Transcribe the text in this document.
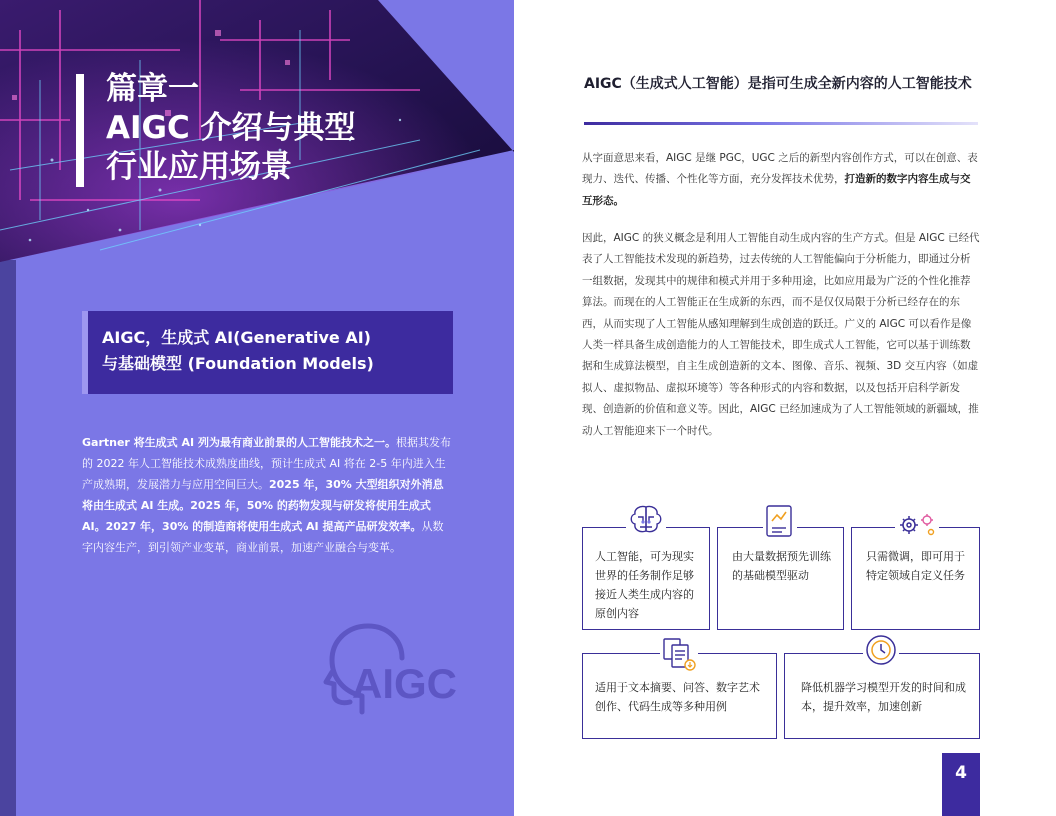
篇章一
AIGC 介绍与典型
行业应用场景
AIGC，生成式 AI(Generative AI)
与基础模型 (Foundation Models)

Gartner 将生成式 AI 列为最有商业前景的人工智能技术之一。根据其发布的 2022 年人工智能技术成熟度曲线，预计生成式 AI 将在 2-5 年内进入生产成熟期，发展潜力与应用空间巨大。2025 年，30% 大型组织对外消息将由生成式 AI 生成。2025 年，50% 的药物发现与研发将使用生成式 AI。2027 年，30% 的制造商将使用生成式 AI 提高产品研发效率。从数字内容生产，到引领产业变革，商业前景，加速产业融合与变革。

AIGC
AIGC（生成式人工智能）是指可生成全新内容的人工智能技术

从字面意思来看，AIGC 是继 PGC，UGC 之后的新型内容创作方式，可以在创意、表现力、迭代、传播、个性化等方面，充分发挥技术优势，打造新的数字内容生成与交互形态。

因此，AIGC 的狭义概念是利用人工智能自动生成内容的生产方式。但是 AIGC 已经代表了人工智能技术发现的新趋势，过去传统的人工智能偏向于分析能力，即通过分析一组数据，发现其中的规律和模式并用于多种用途，比如应用最为广泛的个性化推荐算法。而现在的人工智能正在生成新的东西，而不是仅仅局限于分析已经存在的东西，从而实现了人工智能从感知理解到生成创造的跃迁。广义的 AIGC 可以看作是像人类一样具备生成创造能力的人工智能技术，即生成式人工智能，它可以基于训练数据和生成算法模型，自主生成创造新的文本、图像、音乐、视频、3D 交互内容（如虚拟人、虚拟物品、虚拟环境等）等各种形式的内容和数据，以及包括开启科学新发现、创造新的价值和意义等。因此，AIGC 已经加速成为了人工智能领域的新疆域，推动人工智能迎来下一个时代。

人工智能，可为现实世界的任务制作足够接近人类生成内容的原创内容

由大量数据预先训练的基础模型驱动

只需微调，即可用于特定领域自定义任务

适用于文本摘要、问答、数字艺术创作、代码生成等多种用例

降低机器学习模型开发的时间和成本，提升效率，加速创新

4
